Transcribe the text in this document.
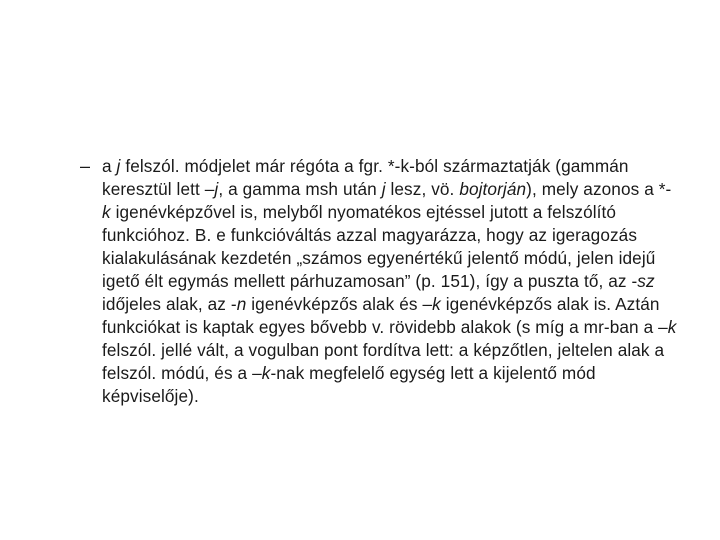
– a j felszól. módjelet már régóta a fgr. *-k-ból származtatják (gammán keresztül lett –j, a gamma msh után j lesz, vö. bojtorján), mely azonos a *-k igenévképzővel is, melyből nyomatékos ejtéssel jutott a felszólító funkcióhoz. B. e funkcióváltás azzal magyarázza, hogy az igeragozás kialakulásának kezdetén „számos egyenértékű jelentő módú, jelen idejű igető élt egymás mellett párhuzamosan” (p. 151), így a puszta tő, az -sz időjeles alak, az -n igenévképzős alak és –k igenévképzős alak is. Aztán funkciókat is kaptak egyes bővebb v. rövidebb alakok (s míg a mr-ban a –k felszól. jellé vált, a vogulban pont fordítva lett: a képzőtlen, jeltelen alak a felszól. módú, és a –k-nak megfelelő egység lett a kijelentő mód képviselője).
